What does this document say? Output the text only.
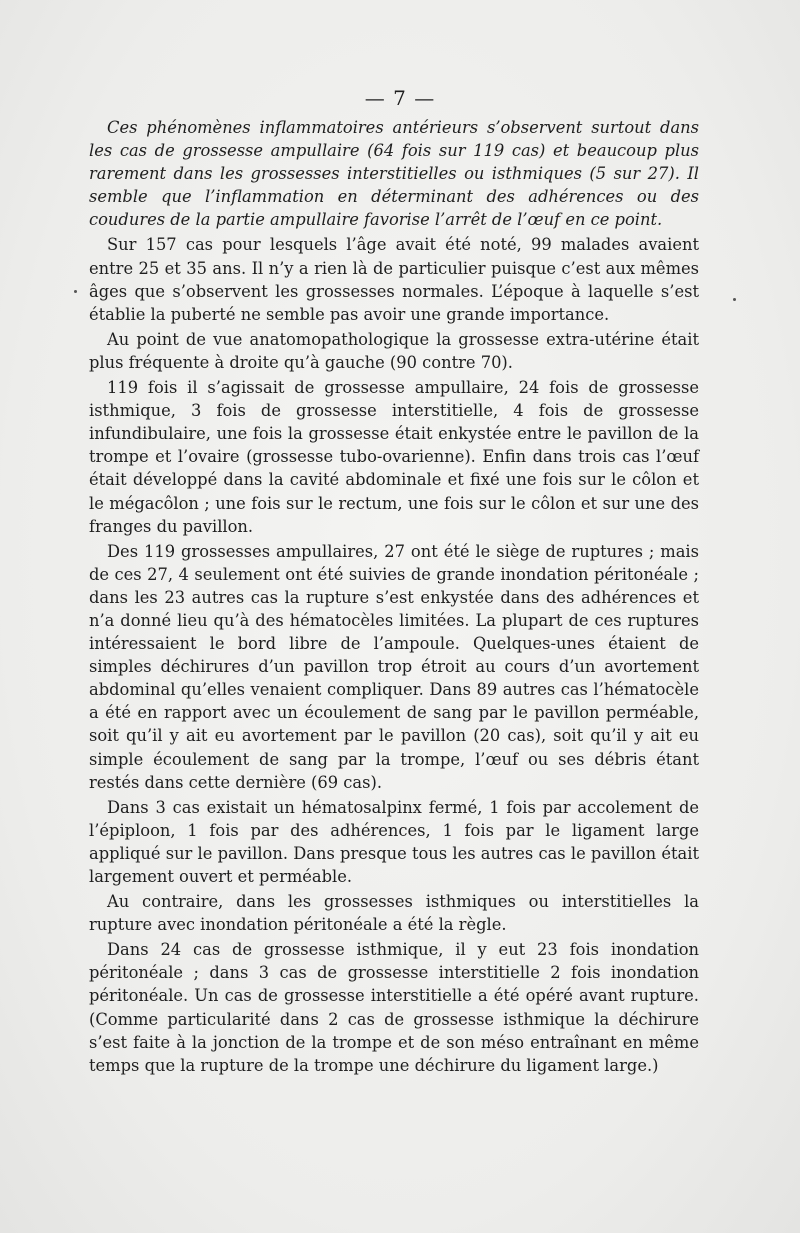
— 7 —

Ces phénomènes inflammatoires antérieurs s’observent surtout dans les cas de grossesse ampullaire (64 fois sur 119 cas) et beaucoup plus rarement dans les grossesses interstitielles ou isthmiques (5 sur 27). Il semble que l’inflammation en déterminant des adhérences ou des coudures de la partie ampullaire favorise l’arrêt de l’œuf en ce point.

Sur 157 cas pour lesquels l’âge avait été noté, 99 malades avaient entre 25 et 35 ans. Il n’y a rien là de particulier puisque c’est aux mêmes âges que s’observent les grossesses normales. L’époque à laquelle s’est établie la puberté ne semble pas avoir une grande importance.

Au point de vue anatomopathologique la grossesse extra-utérine était plus fréquente à droite qu’à gauche (90 contre 70).

119 fois il s’agissait de grossesse ampullaire, 24 fois de grossesse isthmique, 3 fois de grossesse interstitielle, 4 fois de grossesse infundibulaire, une fois la grossesse était enkystée entre le pavillon de la trompe et l’ovaire (grossesse tubo-ovarienne). Enfin dans trois cas l’œuf était développé dans la cavité abdominale et fixé une fois sur le côlon et le mégacôlon ; une fois sur le rectum, une fois sur le côlon et sur une des franges du pavillon.

Des 119 grossesses ampullaires, 27 ont été le siège de ruptures ; mais de ces 27, 4 seulement ont été suivies de grande inondation péritonéale ; dans les 23 autres cas la rupture s’est enkystée dans des adhérences et n’a donné lieu qu’à des hématocèles limitées. La plupart de ces ruptures intéressaient le bord libre de l’ampoule. Quelques-unes étaient de simples déchirures d’un pavillon trop étroit au cours d’un avortement abdominal qu’elles venaient compliquer. Dans 89 autres cas l’hématocèle a été en rapport avec un écoulement de sang par le pavillon perméable, soit qu’il y ait eu avortement par le pavillon (20 cas), soit qu’il y ait eu simple écoulement de sang par la trompe, l’œuf ou ses débris étant restés dans cette dernière (69 cas).

Dans 3 cas existait un hématosalpinx fermé, 1 fois par accolement de l’épiploon, 1 fois par des adhérences, 1 fois par le ligament large appliqué sur le pavillon. Dans presque tous les autres cas le pavillon était largement ouvert et perméable.

Au contraire, dans les grossesses isthmiques ou interstitielles la rupture avec inondation péritonéale a été la règle.

Dans 24 cas de grossesse isthmique, il y eut 23 fois inondation péritonéale ; dans 3 cas de grossesse interstitielle 2 fois inondation péritonéale. Un cas de grossesse interstitielle a été opéré avant rupture. (Comme particularité dans 2 cas de grossesse isthmique la déchirure s’est faite à la jonction de la trompe et de son méso entraînant en même temps que la rupture de la trompe une déchirure du ligament large.)
